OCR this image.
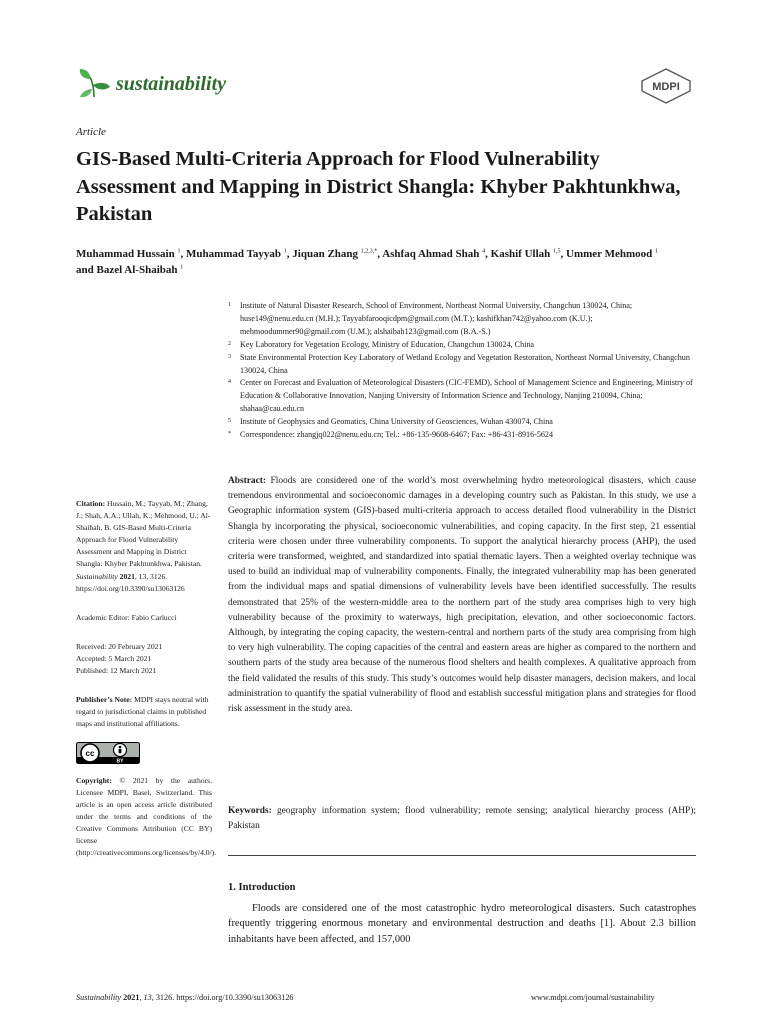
sustainability	MDPI
Article
GIS-Based Multi-Criteria Approach for Flood Vulnerability Assessment and Mapping in District Shangla: Khyber Pakhtunkhwa, Pakistan
Muhammad Hussain $^1$, Muhammad Tayyab $^1$, Jiquan Zhang $^{1,2,3,*}$, Ashfaq Ahmad Shah $^4$, Kashif Ullah $^{1,5}$, Ummer Mehmood $^1$ and Bazel Al-Shaibah $^1$
1	Institute of Natural Disaster Research, School of Environment, Northeast Normal University, Changchun 130024, China; huse149@nenu.edu.cn (M.H.); Tayyabfarooqicdpm@gmail.com (M.T.); kashifkhan742@yahoo.com (K.U.); mehmoodummer90@gmail.com (U.M.); alshaibah123@gmail.com (B.A.-S.)
2	Key Laboratory for Vegetation Ecology, Ministry of Education, Changchun 130024, China
3	State Environmental Protection Key Laboratory of Wetland Ecology and Vegetation Restoration, Northeast Normal University, Changchun 130024, China
4	Center on Forecast and Evaluation of Meteorological Disasters (CIC-FEMD), School of Management Science and Engineering, Ministry of Education & Collaborative Innovation, Nanjing University of Information Science and Technology, Nanjing 210094, China; shahaa@cau.edu.cn
5	Institute of Geophysics and Geomatics, China University of Geosciences, Wuhan 430074, China
*	Correspondence: zhangjq022@nenu.edu.cn; Tel.: +86-135-9608-6467; Fax: +86-431-8916-5624

Citation: Hussain, M.; Tayyab, M.; Zhang, J.; Shah, A.A.; Ullah, K.; Mehmood, U.; Al-Shaibah, B. GIS-Based Multi-Criteria Approach for Flood Vulnerability Assessment and Mapping in District Shangla: Khyber Pakhtunkhwa, Pakistan. Sustainability 2021, 13, 3126. https://doi.org/10.3390/su13063126

Academic Editor: Fabio Carlucci

Received: 20 February 2021

Accepted: 5 March 2021

Published: 12 March 2021

Publisher’s Note: MDPI stays neutral with regard to jurisdictional claims in published maps and institutional affiliations.

cc
BY

Copyright: © 2021 by the authors. Licensee MDPI, Basel, Switzerland. This article is an open access article distributed under the terms and conditions of the Creative Commons Attribution (CC BY) license (http://creativecommons.org/licenses/by/4.0/).

Abstract: Floods are considered one of the world’s most overwhelming hydro meteorological disasters, which cause tremendous environmental and socioeconomic damages in a developing country such as Pakistan. In this study, we use a Geographic information system (GIS)-based multi-criteria approach to access detailed flood vulnerability in the District Shangla by incorporating the physical, socioeconomic vulnerabilities, and coping capacity. In the first step, 21 essential criteria were chosen under three vulnerability components. To support the analytical hierarchy process (AHP), the used criteria were transformed, weighted, and standardized into spatial thematic layers. Then a weighted overlay technique was used to build an individual map of vulnerability components. Finally, the integrated vulnerability map has been generated from the individual maps and spatial dimensions of vulnerability levels have been identified successfully. The results demonstrated that 25% of the western-middle area to the northern part of the study area comprises high to very high vulnerability because of the proximity to waterways, high precipitation, elevation, and other socioeconomic factors. Although, by integrating the coping capacity, the western-central and northern parts of the study area comprising from high to very high vulnerability. The coping capacities of the central and eastern areas are higher as compared to the northern and southern parts of the study area because of the numerous flood shelters and health complexes. A qualitative approach from the field validated the results of this study. This study’s outcomes would help disaster managers, decision makers, and local administration to quantify the spatial vulnerability of flood and establish successful mitigation plans and strategies for flood risk assessment in the study area.

Keywords: geography information system; flood vulnerability; remote sensing; analytical hierarchy process (AHP); Pakistan

1. Introduction

Floods are considered one of the most catastrophic hydro meteorological disasters. Such catastrophes frequently triggering enormous monetary and environmental destruction and deaths [1]. About 2.3 billion inhabitants have been affected, and 157,000

Sustainability 2021, 13, 3126. https://doi.org/10.3390/su13063126	www.mdpi.com/journal/sustainability
